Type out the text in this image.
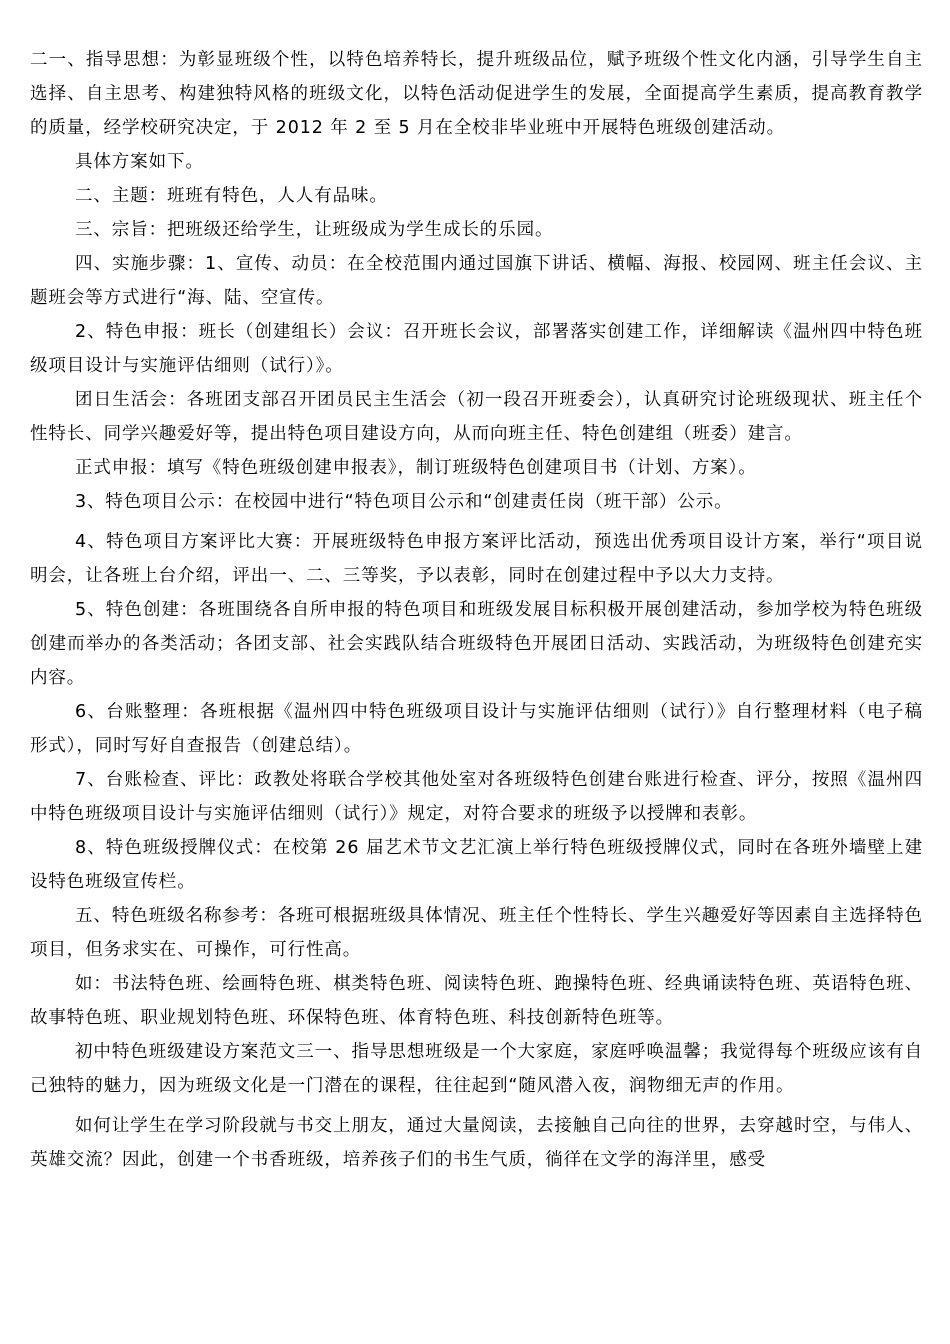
二一、指导思想：为彰显班级个性，以特色培养特长，提升班级品位，赋予班级个性文化内涵，引导学生自主选择、自主思考、构建独特风格的班级文化，以特色活动促进学生的发展，全面提高学生素质，提高教育教学的质量，经学校研究决定，于 2012 年 2 至 5 月在全校非毕业班中开展特色班级创建活动。

具体方案如下。

二、主题：班班有特色，人人有品味。

三、宗旨：把班级还给学生，让班级成为学生成长的乐园。

四、实施步骤：1、宣传、动员：在全校范围内通过国旗下讲话、横幅、海报、校园网、班主任会议、主题班会等方式进行“海、陆、空宣传。

2、特色申报：班长（创建组长）会议：召开班长会议，部署落实创建工作，详细解读《温州四中特色班级项目设计与实施评估细则（试行）》。

团日生活会：各班团支部召开团员民主生活会（初一段召开班委会），认真研究讨论班级现状、班主任个性特长、同学兴趣爱好等，提出特色项目建设方向，从而向班主任、特色创建组（班委）建言。

正式申报：填写《特色班级创建申报表》，制订班级特色创建项目书（计划、方案）。

3、特色项目公示：在校园中进行“特色项目公示和“创建责任岗（班干部）公示。

4、特色项目方案评比大赛：开展班级特色申报方案评比活动，预选出优秀项目设计方案，举行“项目说明会，让各班上台介绍，评出一、二、三等奖，予以表彰，同时在创建过程中予以大力支持。

5、特色创建：各班围绕各自所申报的特色项目和班级发展目标积极开展创建活动，参加学校为特色班级创建而举办的各类活动；各团支部、社会实践队结合班级特色开展团日活动、实践活动，为班级特色创建充实内容。

6、台账整理：各班根据《温州四中特色班级项目设计与实施评估细则（试行）》自行整理材料（电子稿形式），同时写好自查报告（创建总结）。

7、台账检查、评比：政教处将联合学校其他处室对各班级特色创建台账进行检查、评分，按照《温州四中特色班级项目设计与实施评估细则（试行）》规定，对符合要求的班级予以授牌和表彰。

8、特色班级授牌仪式：在校第 26 届艺术节文艺汇演上举行特色班级授牌仪式，同时在各班外墙壁上建设特色班级宣传栏。

五、特色班级名称参考：各班可根据班级具体情况、班主任个性特长、学生兴趣爱好等因素自主选择特色项目，但务求实在、可操作，可行性高。

如：书法特色班、绘画特色班、棋类特色班、阅读特色班、跑操特色班、经典诵读特色班、英语特色班、故事特色班、职业规划特色班、环保特色班、体育特色班、科技创新特色班等。

初中特色班级建设方案范文三一、指导思想班级是一个大家庭，家庭呼唤温馨；我觉得每个班级应该有自己独特的魅力，因为班级文化是一门潜在的课程，往往起到“随风潜入夜，润物细无声的作用。

如何让学生在学习阶段就与书交上朋友，通过大量阅读，去接触自己向往的世界，去穿越时空，与伟人、英雄交流？因此，创建一个书香班级，培养孩子们的书生气质，徜徉在文学的海洋里，感受
